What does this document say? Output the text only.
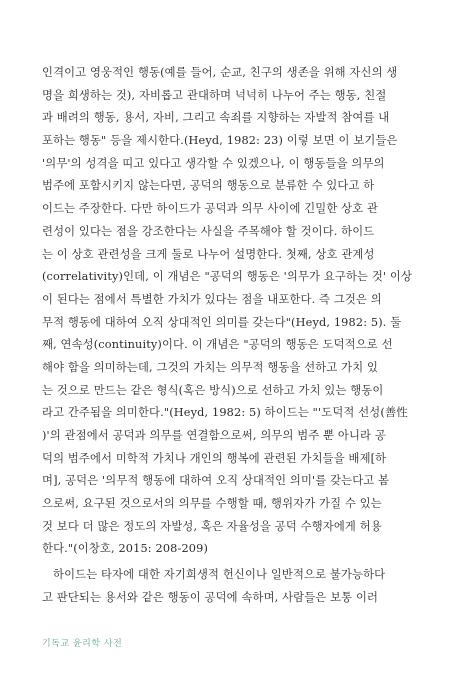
인격이고 영웅적인 행동(예를 들어, 순교, 친구의 생존을 위해 자신의 생
명을 희생하는 것), 자비롭고 관대하며 넉넉히 나누어 주는 행동, 친절
과 배려의 행동, 용서, 자비, 그리고 속죄를 지향하는 자발적 참여를 내
포하는 행동" 등을 제시한다.(Heyd, 1982: 23) 이렇 보면 이 보기들은
'의무'의 성격을 띠고 있다고 생각할 수 있겠으나, 이 행동들을 의무의
범주에 포함시키지 않는다면, 공덕의 행동으로 분류한 수 있다고 하
이드는 주장한다. 다만 하이드가 공덕과 의무 사이에 긴밀한 상호 관
련성이 있다는 점을 강조한다는 사실을 주목해야 할 것이다. 하이드
는 이 상호 관련성을 크게 둘로 나누어 설명한다. 첫째, 상호 관계성
(correlativity)인데, 이 개념은 "공덕의 행동은 '의무가 요구하는 것' 이상
이 된다는 점에서 특별한 가치가 있다는 점을 내포한다. 즉 그것은 의
무적 행동에 대하여 오직 상대적인 의미를 갖는다"(Heyd, 1982: 5). 둘
째, 연속성(continuity)이다. 이 개념은 "공덕의 행동은 도덕적으로 선
해야 함을 의미하는데, 그것의 가치는 의무적 행동을 선하고 가치 있
는 것으로 만드는 같은 형식(혹은 방식)으로 선하고 가치 있는 행동이
라고 간주됨을 의미한다."(Heyd, 1982: 5) 하이드는 "'도덕적 선성(善性
)'의 관점에서 공덕과 의무를 연결함으로써, 의무의 범주 뿐 아니라 공
덕의 범주에서 미학적 가치나 개인의 행복에 관련된 가치들을 배제[하
며], 공덕은 '의무적 행동에 대하여 오직 상대적인 의미'를 갖는다고 봄
으로써, 요구된 것으로서의 의무를 수행할 때, 행위자가 가질 수 있는
것 보다 더 많은 정도의 자발성, 혹은 자율성을 공덕 수행자에게 허용
한다."(이창호, 2015: 208-209)
하이드는 타자에 대한 자기희생적 헌신이나 일반적으로 불가능하다
고 판단되는 용서와 같은 행동이 공덕에 속하며, 사람들은 보통 이러
기독교 윤리학 사전
